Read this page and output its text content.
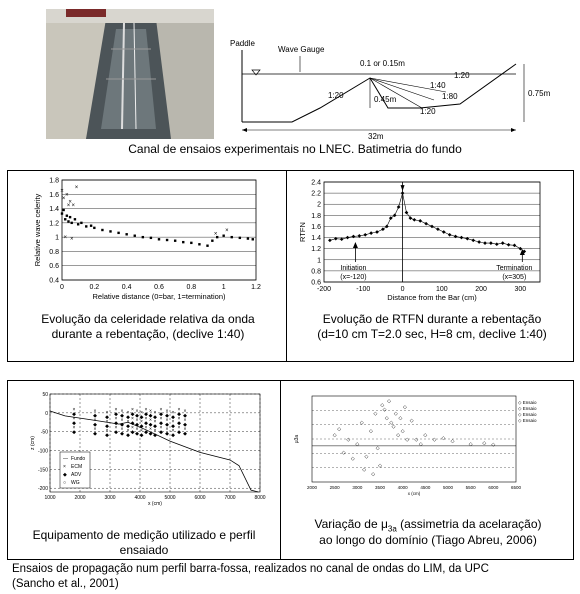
Paddle
Wave Gauge
0.1 or 0.15m
1:20	0.45m
1:40
1:80
1:20
1:20
0.75m
32m
Canal de ensaios experimentais no LNEC. Batimetria do fundo
0.4
0.6
0.8
1
1.2
1.4
1.6
1.8
0	0.2	0.4	0.6	0.8	1	1.2
Relative distance (0=bar, 1=termination)
Relative wave celerity	×
×
×
×
×
×
×
×
×
×
×
Evolução da celeridade relativa da onda
durante a rebentação, (declive 1:40)
0.6
0.8
1
1.2
1.4
1.6
1.8
2
2.2
2.4
-200	-100	0	100	200	300
Distance from the Bar (cm)
RTFN
Initiation
(x=-120)
Termination
(x=305)
Evolução de RTFN durante a rebentação
(d=10 cm T=2.0 sec, H=8 cm, declive 1:40)
50
0
-50
-100
-150
-200
1000	2000	3000	4000	5000	6000	7000	8000
x (cm)
z (cm)
×
◆
×
◆
×
◆
×
◆
×
◆
×
◆
×
◆
×
◆
×
◆
×
◆
×
◆
×
◆
×
◆
×
◆
×
◆
×
◆
×
◆
×
◆
×
◆
×
◆
×
◆
×
◆
×
◆
×
◆
×
◆
×
◆
×
◆
×
◆
×
◆
×
◆
×
◆
×
◆
×
◆
×
◆
×
◆
×
◆
×
◆
×
◆
×
◆
×
◆
×
◆
×
◆
×
◆
×
◆
×
◆
×
◆
×
◆
×
◆
×
◆
×
◆
×
◆
— Fundo
× ECM
◆ ADV
○ WG
Equipamento de medição utilizado e perfil
ensaiado
2000	2500	3000	3500	4000	4500	5000	5500	6000	6500
x (cm)
μ3a	◇
◇
◇
◇
◇
◇
◇
◇
◇
◇
◇
◇
◇
◇
◇
◇
◇
◇
◇
◇
◇
◇
◇
◇
◇
◇ ◇
◇	◇ ◇ ◇
◇
◇
◇
◇
◇
◇ Ensaio
◇ Ensaio
◇ Ensaio
◇ Ensaio
Variação de $\mu_{3a}$ (assimetria da acelaração)
ao longo do domínio (Tiago Abreu, 2006)
Ensaios de propagação num perfil barra-fossa, realizados no canal de ondas do LIM, da UPC
(Sancho et al., 2001)
